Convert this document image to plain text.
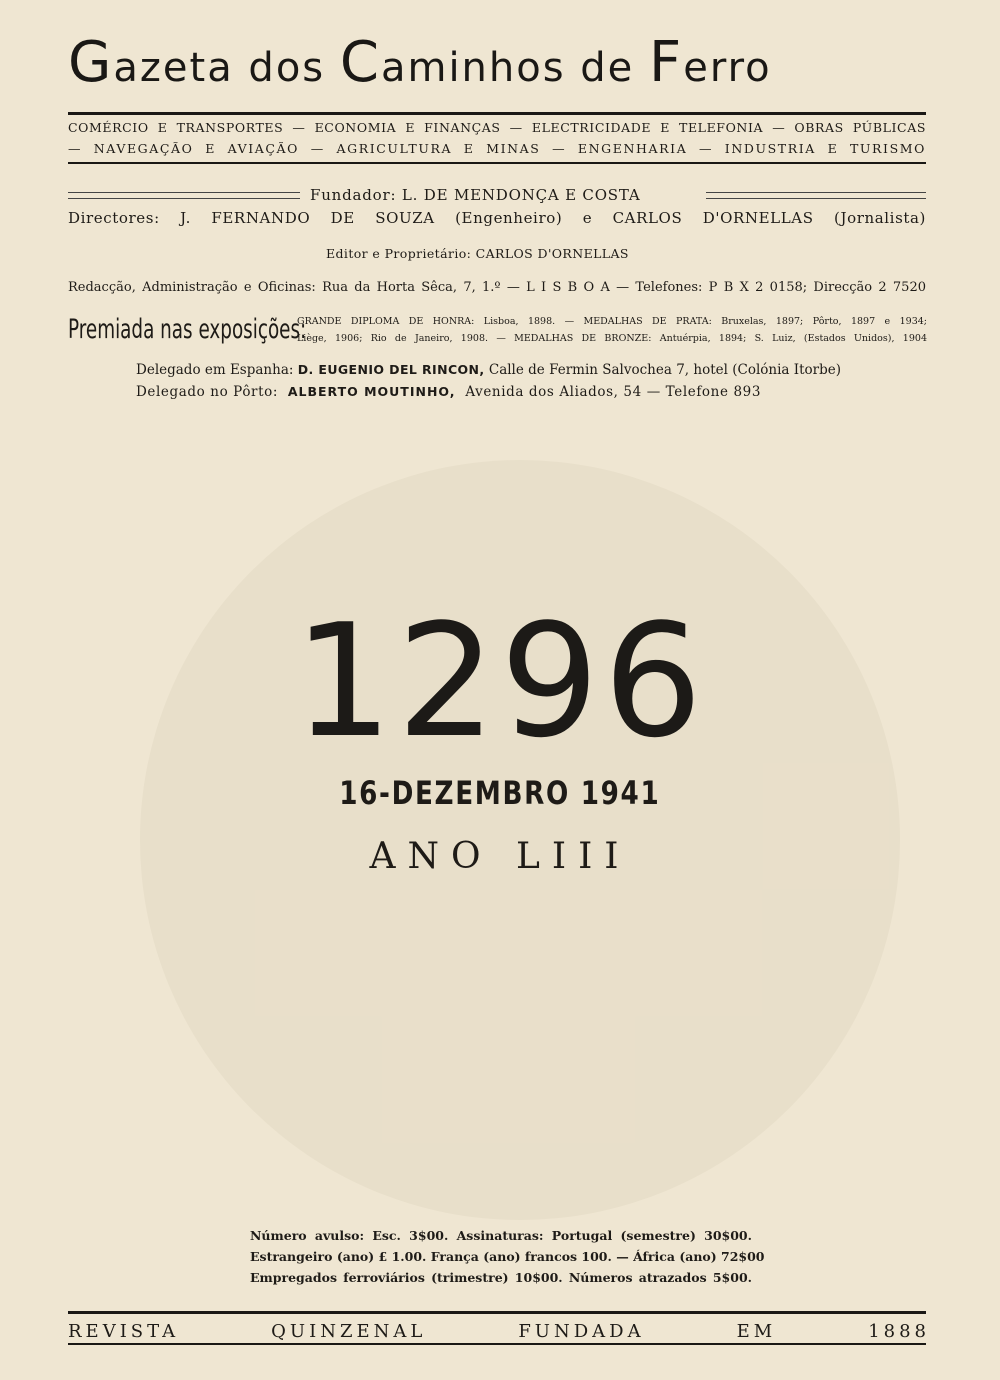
Gazeta dos Caminhos de Ferro
COMÉRCIO E TRANSPORTES — ECONOMIA E FINANÇAS — ELECTRICIDADE E TELEFONIA — OBRAS PÚBLICAS
— NAVEGAÇÃO E AVIAÇÃO — AGRICULTURA E MINAS — ENGENHARIA — INDUSTRIA E TURISMO
Fundador: L. DE MENDONÇA E COSTA
Directores: J. FERNANDO DE SOUZA (Engenheiro) e CARLOS D'ORNELLAS (Jornalista)
Editor e Proprietário: CARLOS D'ORNELLAS
Redacção, Administração e Oficinas: Rua da Horta Sêca, 7, 1.º — L I S B O A — Telefones: P B X 2 0158; Direcção 2 7520
Premiada nas exposições:
GRANDE DIPLOMA DE HONRA: Lisboa, 1898. — MEDALHAS DE PRATA: Bruxelas, 1897; Pôrto, 1897 e 1934;
Liège, 1906; Rio de Janeiro, 1908. — MEDALHAS DE BRONZE: Antuérpia, 1894; S. Luiz, (Estados Unidos), 1904
Delegado em Espanha: D. EUGENIO DEL RINCON, Calle de Fermin Salvochea 7, hotel (Colónia Itorbe)
Delegado no Pôrto: ALBERTO MOUTINHO, Avenida dos Aliados, 54 — Telefone 893
1296
16-DEZEMBRO 1941
ANO LIII
Número avulso: Esc. 3$00. Assinaturas: Portugal (semestre) 30$00.
Estrangeiro (ano) £ 1.00. França (ano) francos 100. — África (ano) 72$00
Empregados ferroviários (trimestre) 10$00. Números atrazados 5$00.
REVISTA QUINZENAL FUNDADA EM 1888
